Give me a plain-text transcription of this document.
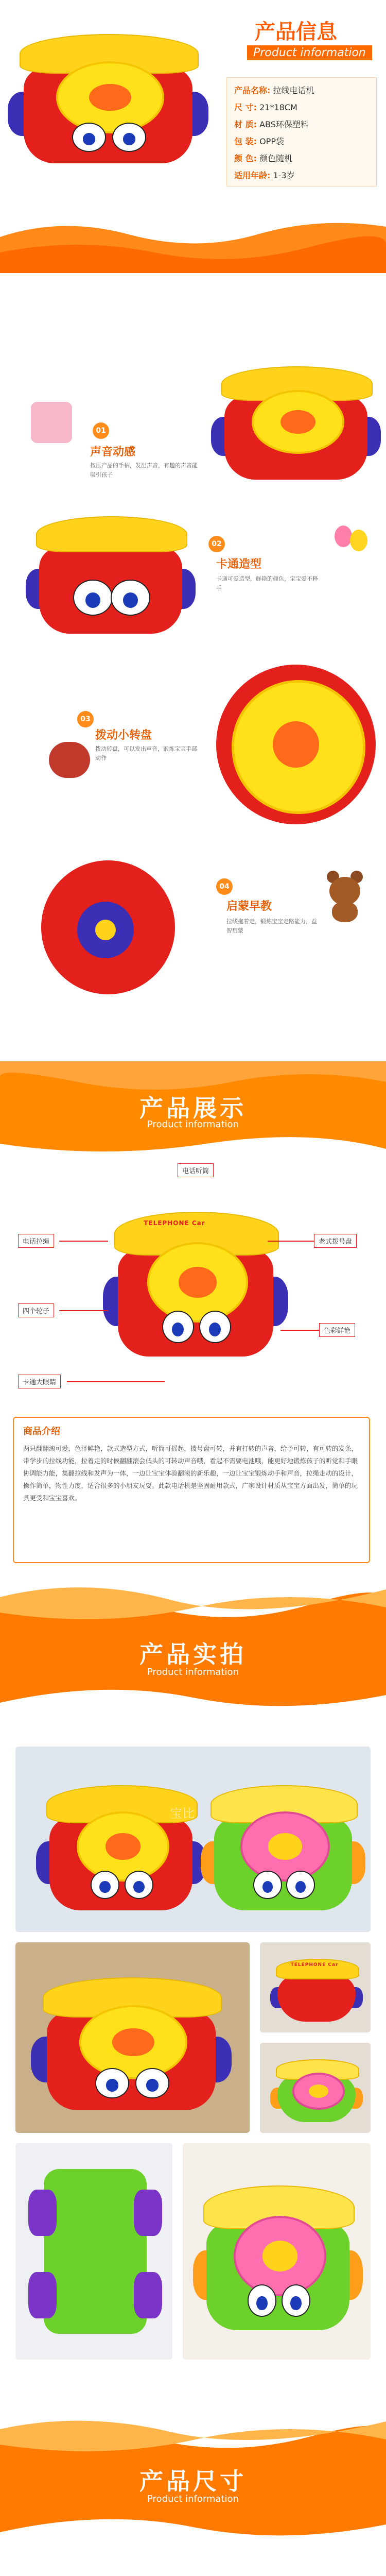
产品信息
Product information
产品名称: 拉线电话机
尺 寸: 21*18CM
材 质: ABS环保塑料
包 装: OPP袋
颜 色: 颜色随机
适用年龄: 1-3岁
01
声音动感
按压产品的手柄，发出声音，有趣的声音能吸引孩子
02
卡通造型
卡通可爱造型，鲜艳的颜色，宝宝爱不释手
03
拨动小转盘
拨动转盘，可以发出声音，锻炼宝宝手部动作
04
启蒙早教
拉线拖着走，锻炼宝宝走路能力，益智启蒙
产品展示
Product information
TELEPHONE Car
电话听筒
电话拉绳	老式拨号盘
四个轮子
色彩鲜艳
卡通大眼睛
商品介绍
两只翻翻滚可爱，色泽鲜艳，款式造型方式，听筒可摇起，拨号盘可转，并有打转的声音，给予可转，有可转的发条，带学步的拉线功能，拉着走的时候翻翻滚会低头的可转动声音哦，看起不需要电池哦，能更好地锻炼孩子的听觉和手眼协调能力能，集翻拉线和发声为一体，一边让宝宝体验翻滚的新乐趣，一边让宝宝锻炼动手和声音，拉绳走动的设计，操作简单，物性力度，适合很多的小朋友玩耍。此款电话机是坚固耐用款式，广家设计材质从宝宝方面出发，简单的玩具更受和宝宝喜欢。
产品实拍
Product information
TELEPHONE Car
宝比
产品尺寸
Product information
